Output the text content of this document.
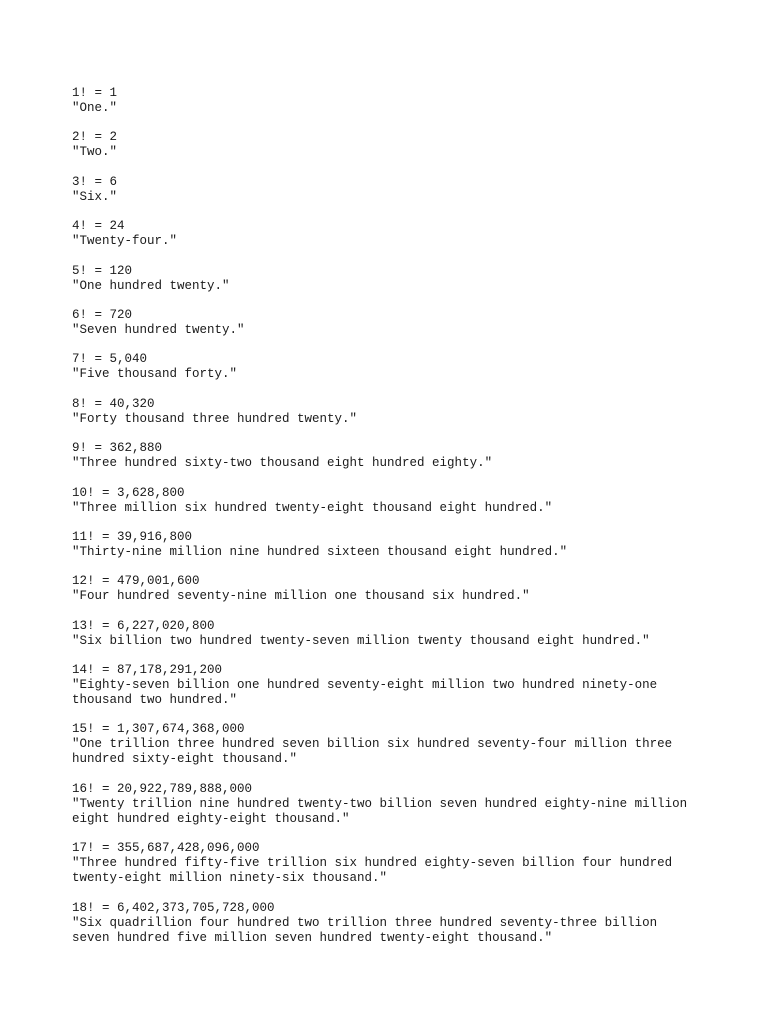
1! = 1
"One."
2! = 2
"Two."
3! = 6
"Six."
4! = 24
"Twenty-four."
5! = 120
"One hundred twenty."
6! = 720
"Seven hundred twenty."
7! = 5,040
"Five thousand forty."
8! = 40,320
"Forty thousand three hundred twenty."
9! = 362,880
"Three hundred sixty-two thousand eight hundred eighty."
10! = 3,628,800
"Three million six hundred twenty-eight thousand eight hundred."
11! = 39,916,800
"Thirty-nine million nine hundred sixteen thousand eight hundred."
12! = 479,001,600
"Four hundred seventy-nine million one thousand six hundred."
13! = 6,227,020,800
"Six billion two hundred twenty-seven million twenty thousand eight hundred."
14! = 87,178,291,200
"Eighty-seven billion one hundred seventy-eight million two hundred ninety-one
thousand two hundred."
15! = 1,307,674,368,000
"One trillion three hundred seven billion six hundred seventy-four million three
hundred sixty-eight thousand."
16! = 20,922,789,888,000
"Twenty trillion nine hundred twenty-two billion seven hundred eighty-nine million
eight hundred eighty-eight thousand."
17! = 355,687,428,096,000
"Three hundred fifty-five trillion six hundred eighty-seven billion four hundred
twenty-eight million ninety-six thousand."
18! = 6,402,373,705,728,000
"Six quadrillion four hundred two trillion three hundred seventy-three billion
seven hundred five million seven hundred twenty-eight thousand."
